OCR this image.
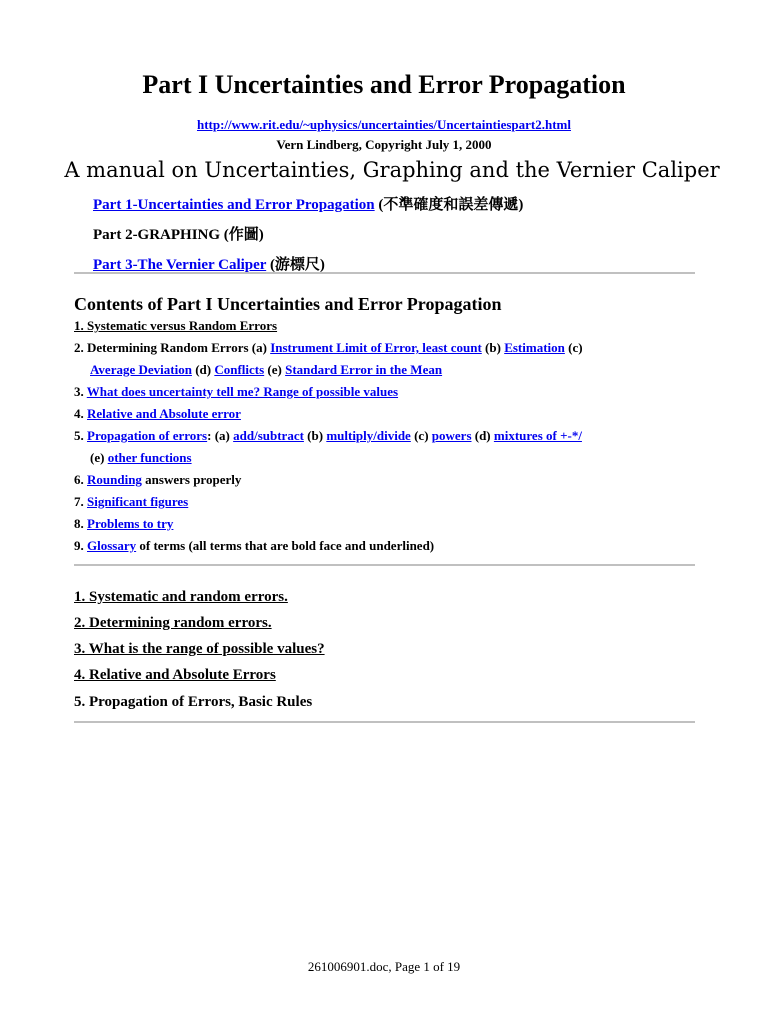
Part I Uncertainties and Error Propagation
http://www.rit.edu/~uphysics/uncertainties/Uncertaintiespart2.html
Vern Lindberg, Copyright July 1, 2000
A manual on Uncertainties, Graphing and the Vernier Caliper
Part 1-Uncertainties and Error Propagation (不準確度和誤差傳遞)
Part 2-GRAPHING (作圖)
Part 3-The Vernier Caliper (游標尺)
Contents of Part I Uncertainties and Error Propagation
1. Systematic versus Random Errors
2. Determining Random Errors (a) Instrument Limit of Error, least count (b) Estimation (c)
Average Deviation (d) Conflicts (e) Standard Error in the Mean
3. What does uncertainty tell me? Range of possible values
4. Relative and Absolute error
5. Propagation of errors: (a) add/subtract (b) multiply/divide (c) powers (d) mixtures of +-*/
(e) other functions
6. Rounding answers properly
7. Significant figures
8. Problems to try
9. Glossary of terms (all terms that are bold face and underlined)
1. Systematic and random errors.
2. Determining random errors.
3. What is the range of possible values?
4. Relative and Absolute Errors
5. Propagation of Errors, Basic Rules
261006901.doc, Page 1 of 19
